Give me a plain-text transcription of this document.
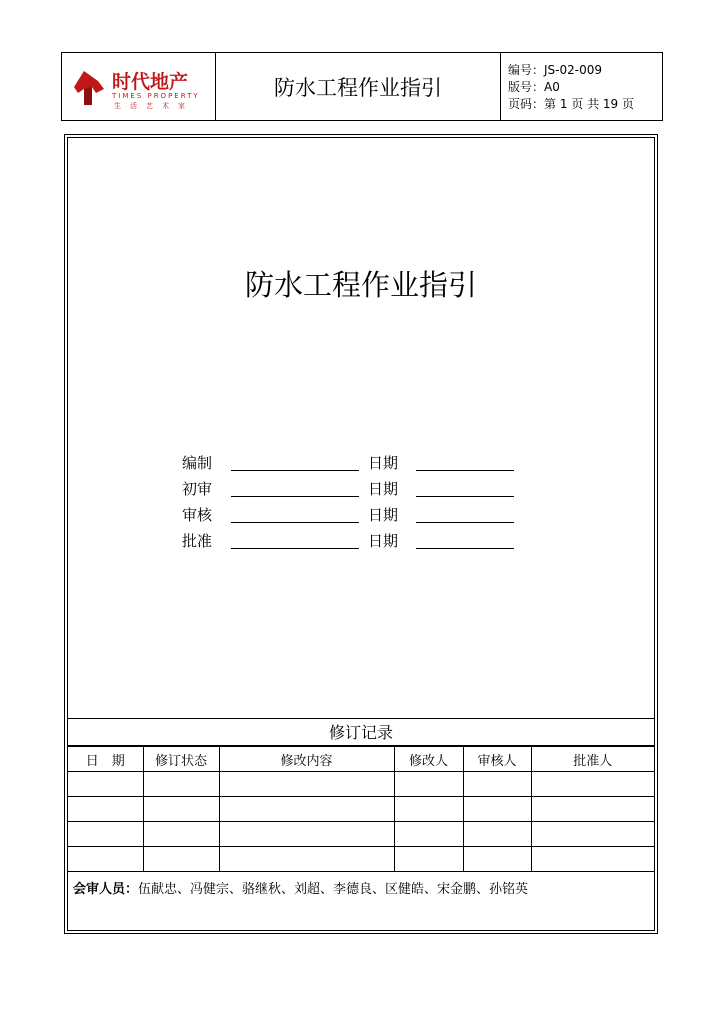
时代地产
TIMES PROPERTY
生活艺术家
防水工程作业指引
编号：JS-02-009
版号：A0
页码：第 1 页 共 19 页
防水工程作业指引
编制	日期
初审	日期
审核	日期
批准	日期
修订记录
日　期	修订状态	修改内容	修改人	审核人	批准人

会审人员：伍献忠、冯健宗、骆继秋、刘超、李德良、区健皓、宋金鹏、孙铭英
